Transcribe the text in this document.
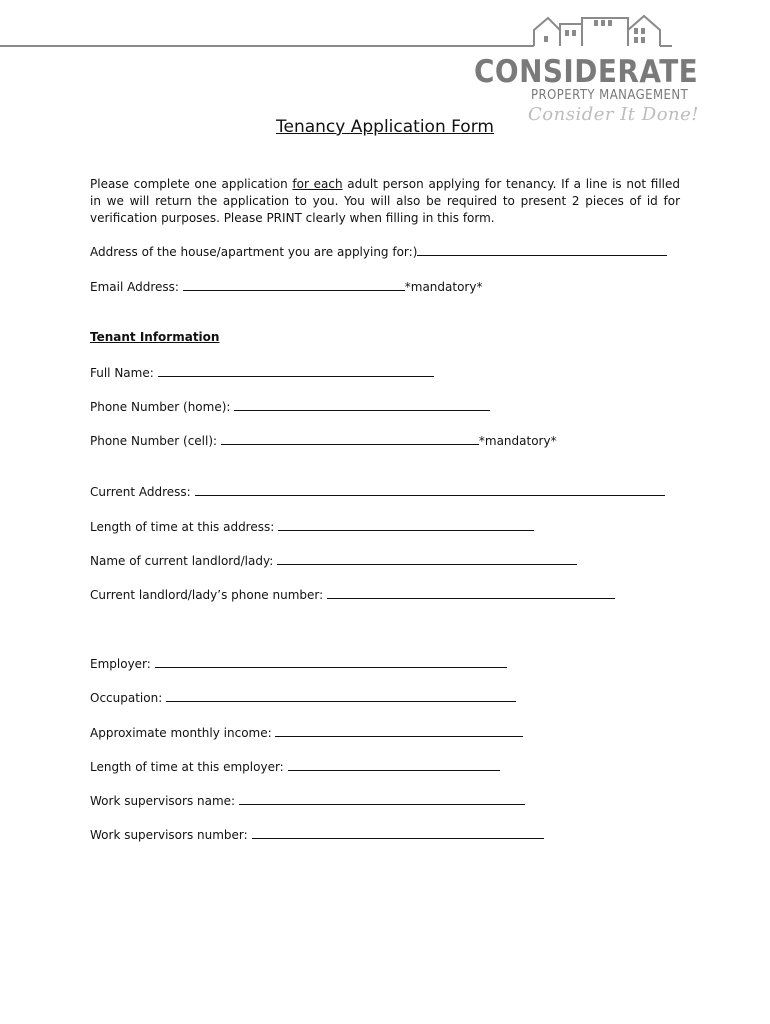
CONSIDERATE
PROPERTY MANAGEMENT
Consider It Done!
Tenancy Application Form
Please complete one application for each adult person applying for tenancy. If a line is not filled in we will return the application to you. You will also be required to present 2 pieces of id for verification purposes. Please PRINT clearly when filling in this form.
Address of the house/apartment you are applying for:)
Email Address:	*mandatory*
Tenant Information
Full Name:
Phone Number (home):
Phone Number (cell):	*mandatory*
Current Address:
Length of time at this address:
Name of current landlord/lady:
Current landlord/lady’s phone number:
Employer:
Occupation:
Approximate monthly income:
Length of time at this employer:
Work supervisors name:
Work supervisors number:
